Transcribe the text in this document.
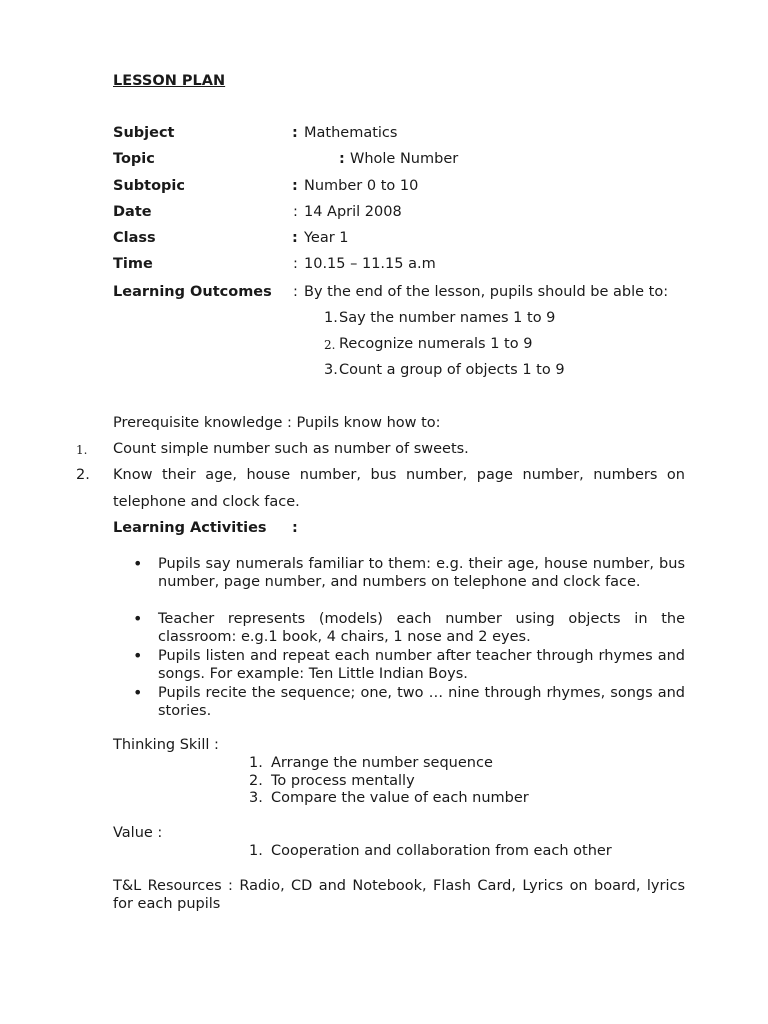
LESSON PLAN
Subject	: Mathematics
Topic	: Whole Number
Subtopic	: Number 0 to 10
Date	: 14 April 2008
Class	: Year 1
Time	: 10.15 – 11.15 a.m
Learning Outcomes : By the end of the lesson, pupils should be able to:
1. Say the number names 1 to 9
2. Recognize numerals 1 to 9
3. Count a group of objects 1 to 9
Prerequisite knowledge : Pupils know how to:
1. Count simple number such as number of sweets.
2. Know their age, house number, bus number, page number, numbers on
telephone and clock face.
Learning Activities :
• Pupils say numerals familiar to them: e.g. their age, house number, bus number, page number, and numbers on telephone and clock face.
• Teacher represents (models) each number using objects in the classroom: e.g.1 book, 4 chairs, 1 nose and 2 eyes.
• Pupils listen and repeat each number after teacher through rhymes and songs. For example: Ten Little Indian Boys.
• Pupils recite the sequence; one, two … nine through rhymes, songs and stories.
Thinking Skill :
1. Arrange the number sequence
2. To process mentally
3. Compare the value of each number
Value :
1. Cooperation and collaboration from each other
T&L Resources : Radio, CD and Notebook, Flash Card, Lyrics on board, lyrics for each pupils
